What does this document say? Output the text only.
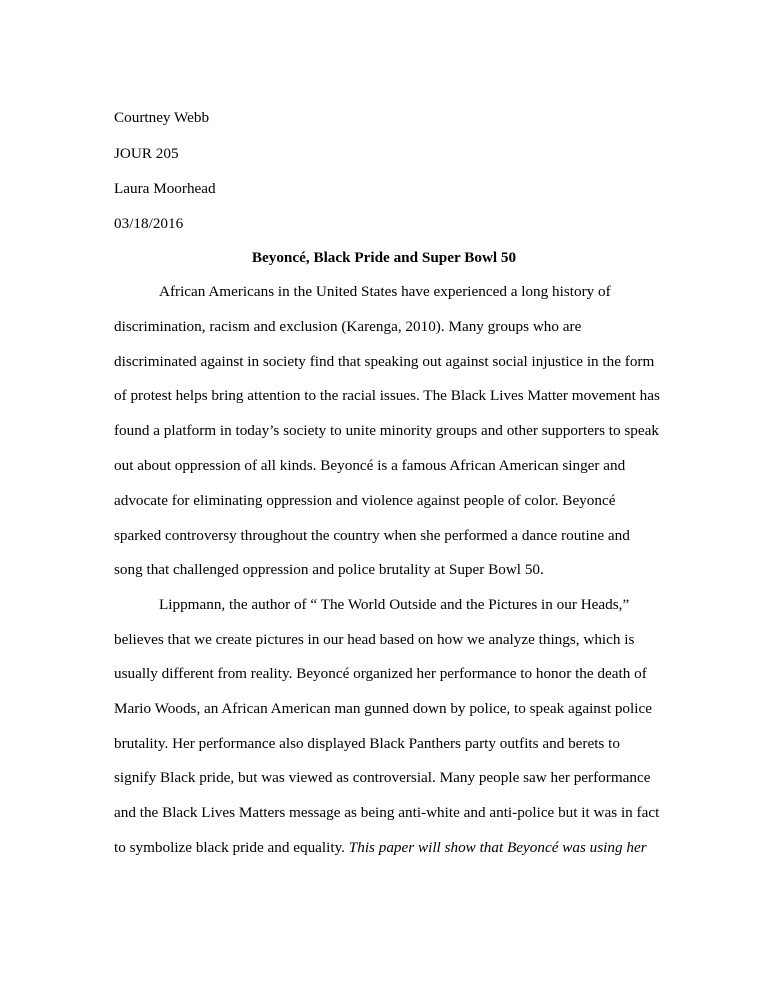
Courtney Webb
JOUR 205
Laura Moorhead
03/18/2016
Beyoncé, Black Pride and Super Bowl 50
African Americans in the United States have experienced a long history of
discrimination, racism and exclusion (Karenga, 2010). Many groups who are
discriminated against in society find that speaking out against social injustice in the form
of protest helps bring attention to the racial issues. The Black Lives Matter movement has
found a platform in today’s society to unite minority groups and other supporters to speak
out about oppression of all kinds. Beyoncé is a famous African American singer and
advocate for eliminating oppression and violence against people of color. Beyoncé
sparked controversy throughout the country when she performed a dance routine and
song that challenged oppression and police brutality at Super Bowl 50.
Lippmann, the author of “ The World Outside and the Pictures in our Heads,”
believes that we create pictures in our head based on how we analyze things, which is
usually different from reality. Beyoncé organized her performance to honor the death of
Mario Woods, an African American man gunned down by police, to speak against police
brutality. Her performance also displayed Black Panthers party outfits and berets to
signify Black pride, but was viewed as controversial. Many people saw her performance
and the Black Lives Matters message as being anti-white and anti-police but it was in fact
to symbolize black pride and equality. This paper will show that Beyoncé was using her
